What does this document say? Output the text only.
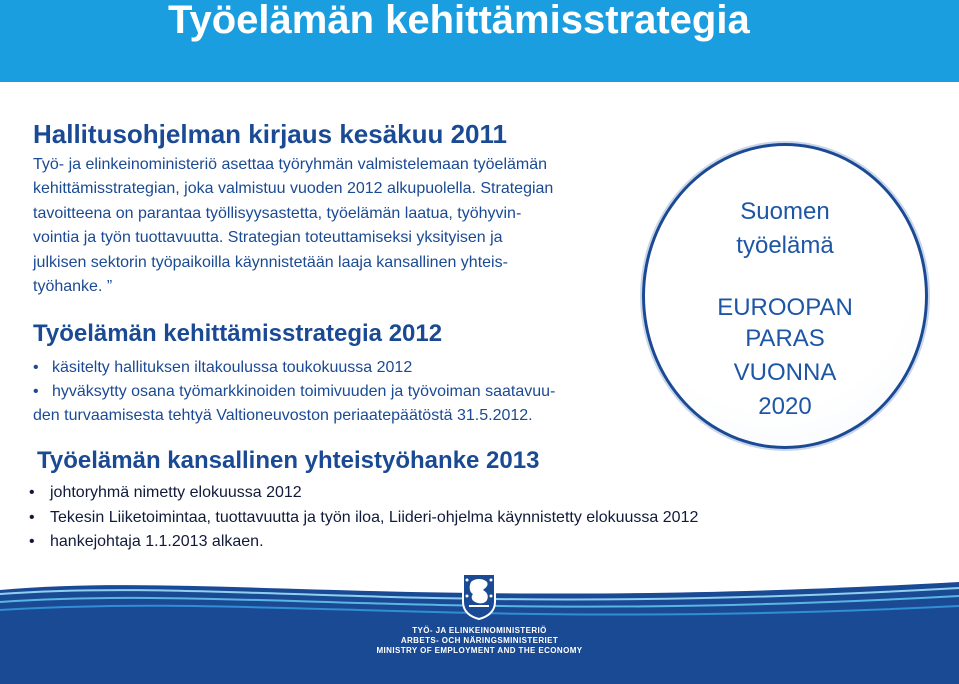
Työelämän kehittämisstrategia
Hallitusohjelman kirjaus kesäkuu 2011
Työ- ja elinkeinoministeriö asettaa työryhmän valmistelemaan työelämän
kehittämisstrategian, joka valmistuu vuoden 2012 alkupuolella. Strategian
tavoitteena on parantaa työllisyysastetta, työelämän laatua, työhyvin-
vointia ja työn tuottavuutta. Strategian toteuttamiseksi yksityisen ja
julkisen sektorin työpaikoilla käynnistetään laaja kansallinen yhteis-
työhanke. ”
Työelämän kehittämisstrategia 2012
• käsitelty hallituksen iltakoulussa toukokuussa 2012
• hyväksytty osana työmarkkinoiden toimivuuden ja työvoiman saatavuu-
den turvaamisesta tehtyä Valtioneuvoston periaatepäätöstä 31.5.2012.
Suomen
työelämä
EUROOPAN
PARAS
VUONNA
2020
Työelämän kansallinen yhteistyöhanke 2013
• johtoryhmä nimetty elokuussa 2012
• Tekesin Liiketoimintaa, tuottavuutta ja työn iloa, Liideri-ohjelma käynnistetty elokuussa 2012
• hankejohtaja 1.1.2013 alkaen.
TYÖ- JA ELINKEINOMINISTERIÖ
ARBETS- OCH NÄRINGSMINISTERIET
MINISTRY OF EMPLOYMENT AND THE ECONOMY
